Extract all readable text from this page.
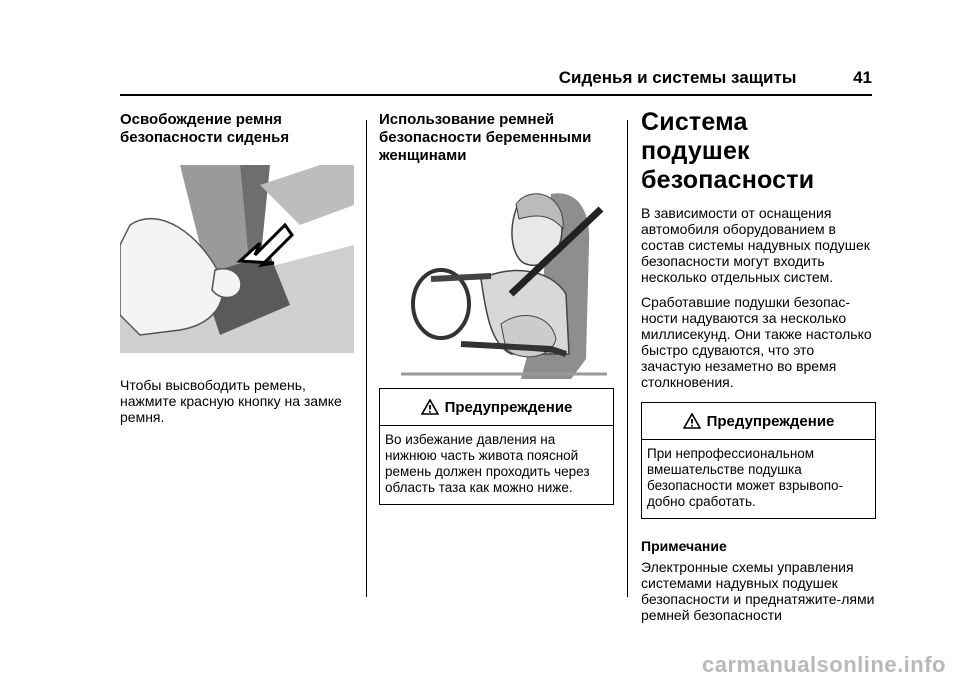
Сиденья и системы защиты	41
Освобождение ремня безопасности сиденья

Чтобы высвободить ремень, нажмите красную кнопку на замке ремня.

Использование ремней безопасности беременными женщинами
Предупреждение
Во избежание давления на нижнюю часть живота поясной ремень должен проходить через область таза как можно ниже.
Система подушек безопасности

В зависимости от оснащения автомобиля оборудованием в состав системы надувных подушек безопасности могут входить несколько отдельных систем.

Сработавшие подушки безопас-ности надуваются за несколько миллисекунд. Они также настолько быстро сдуваются, что это зачастую незаметно во время столкновения.

Предупреждение
При непрофессиональном вмешательстве подушка безопасности может взрывопо-добно сработать.
Примечание

Электронные схемы управления системами надувных подушек безопасности и преднатяжите-лями ремней безопасности

carmanualsonline.info
